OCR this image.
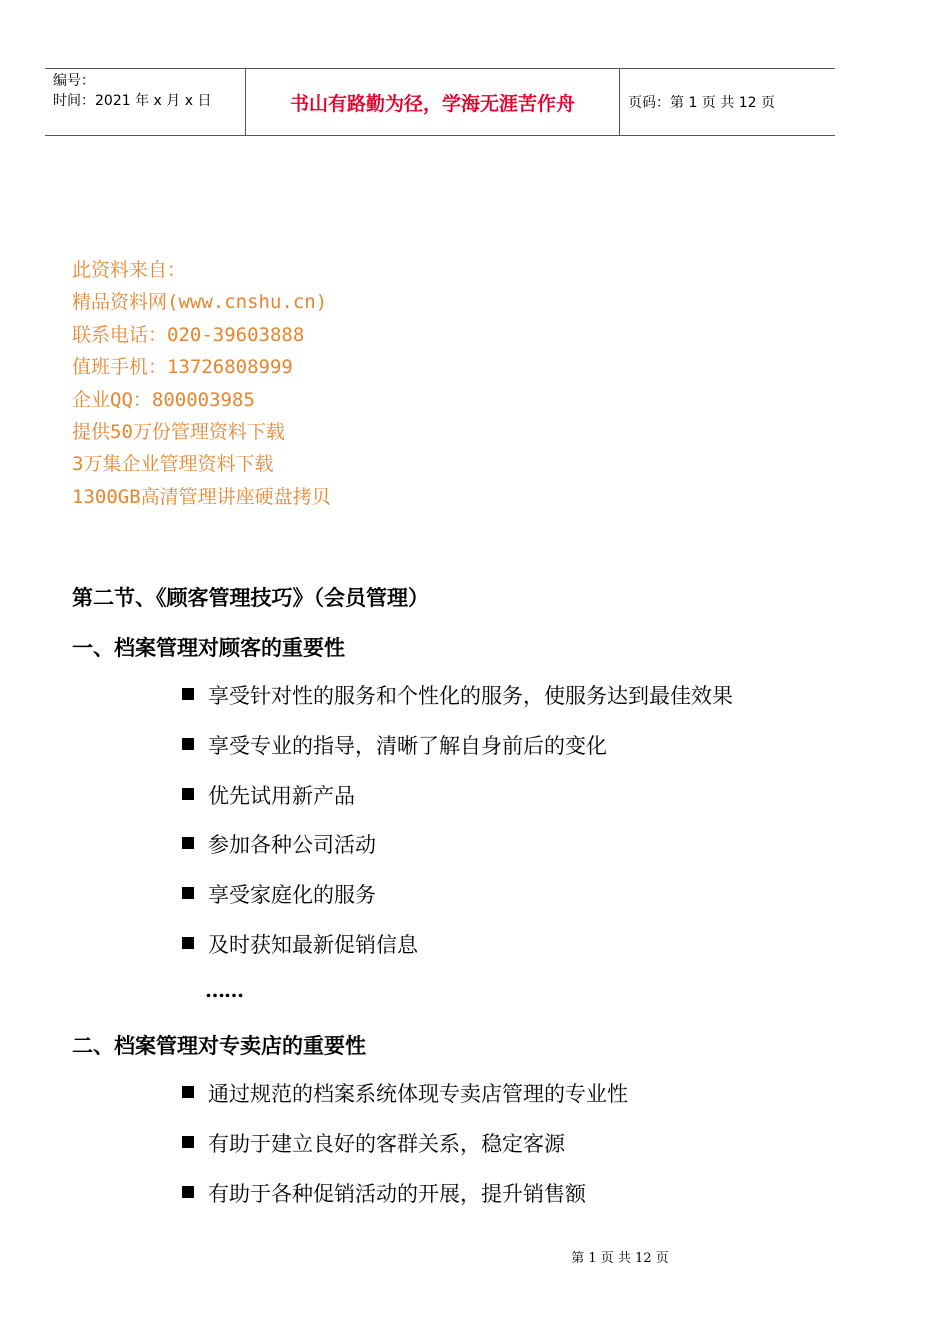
编号：
时间：2021 年 x 月 x 日	书山有路勤为径，学海无涯苦作舟	页码：第 1 页 共 12 页
此资料来自：
精品资料网(www.cnshu.cn)
联系电话：020-39603888
值班手机：13726808999
企业QQ：800003985
提供50万份管理资料下载
3万集企业管理资料下载
1300GB高清管理讲座硬盘拷贝
第二节、《顾客管理技巧》（会员管理）
一、档案管理对顾客的重要性
享受针对性的服务和个性化的服务，使服务达到最佳效果
享受专业的指导，清晰了解自身前后的变化
优先试用新产品
参加各种公司活动
享受家庭化的服务
及时获知最新促销信息
……
二、档案管理对专卖店的重要性
通过规范的档案系统体现专卖店管理的专业性
有助于建立良好的客群关系，稳定客源
有助于各种促销活动的开展，提升销售额
第 1 页 共 12 页
